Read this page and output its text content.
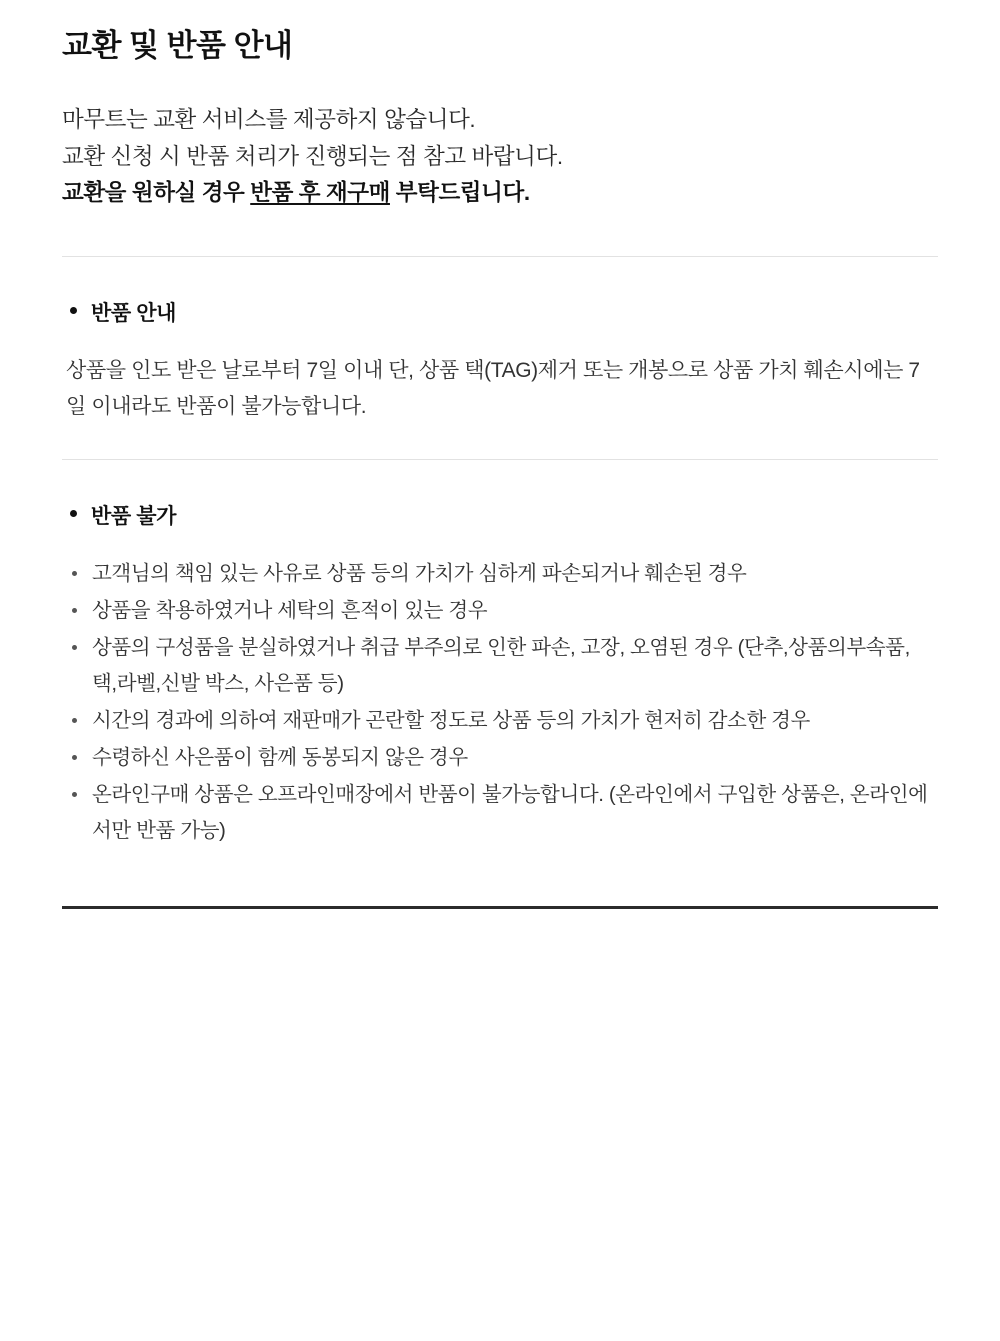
교환 및 반품 안내
마무트는 교환 서비스를 제공하지 않습니다.
교환 신청 시 반품 처리가 진행되는 점 참고 바랍니다.
교환을 원하실 경우 반품 후 재구매 부탁드립니다.
반품 안내

상품을 인도 받은 날로부터 7일 이내 단, 상품 택(TAG)제거 또는 개봉으로 상품 가치 훼손시에는 7일 이내라도 반품이 불가능합니다.

반품 불가
고객님의 책임 있는 사유로 상품 등의 가치가 심하게 파손되거나 훼손된 경우
상품을 착용하였거나 세탁의 흔적이 있는 경우
상품의 구성품을 분실하였거나 취급 부주의로 인한 파손, 고장, 오염된 경우 (단추,상품의부속품, 택,라벨,신발 박스, 사은품 등)
시간의 경과에 의하여 재판매가 곤란할 정도로 상품 등의 가치가 현저히 감소한 경우
수령하신 사은품이 함께 동봉되지 않은 경우
온라인구매 상품은 오프라인매장에서 반품이 불가능합니다. (온라인에서 구입한 상품은, 온라인에서만 반품 가능)
